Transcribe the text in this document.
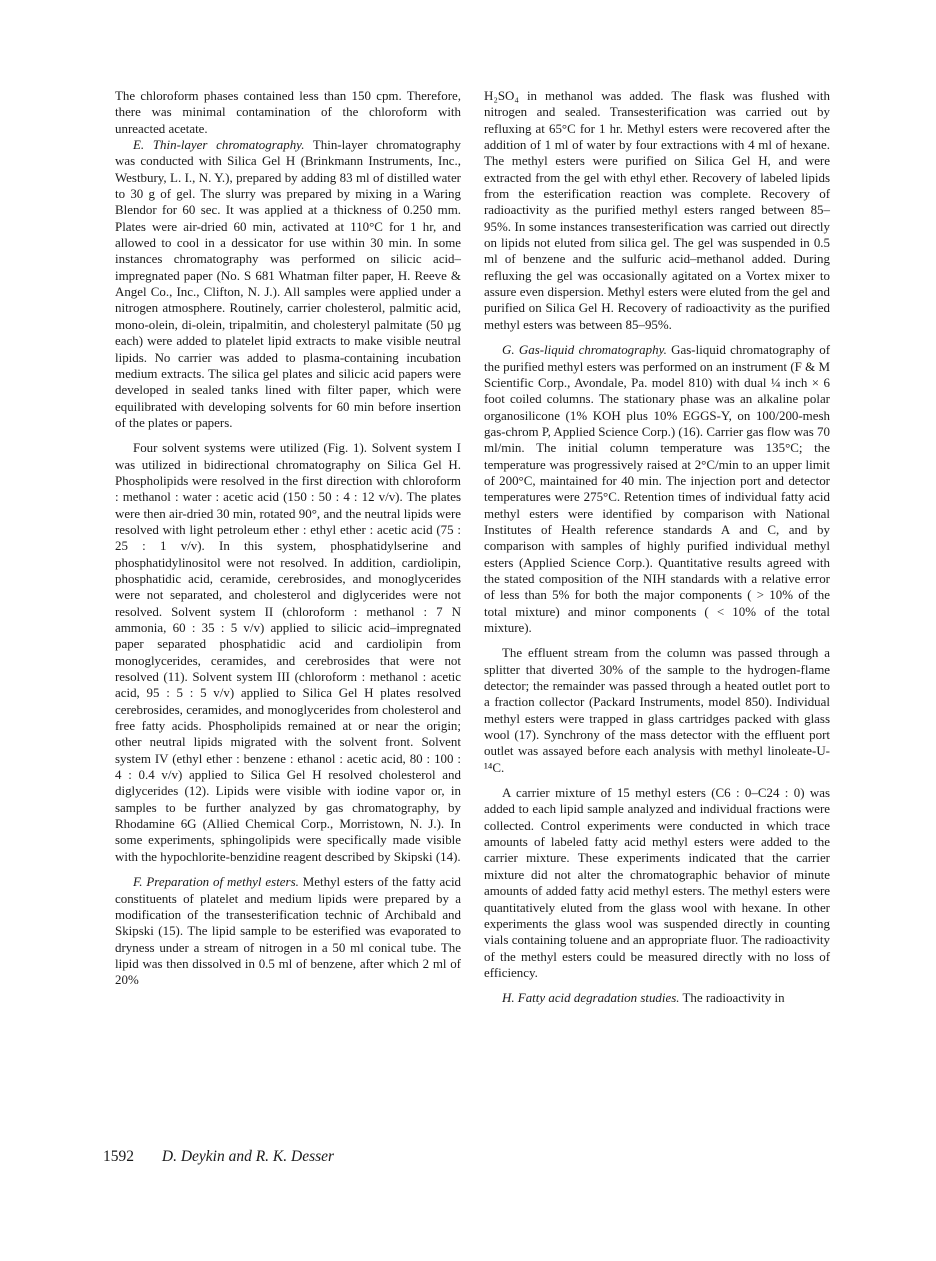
The chloroform phases contained less than 150 cpm. Therefore, there was minimal contamination of the chloroform with unreacted acetate.

E. Thin-layer chromatography. Thin-layer chromatography was conducted with Silica Gel H (Brinkmann Instruments, Inc., Westbury, L. I., N. Y.), prepared by adding 83 ml of distilled water to 30 g of gel. The slurry was prepared by mixing in a Waring Blendor for 60 sec. It was applied at a thickness of 0.250 mm. Plates were air-dried 60 min, activated at 110°C for 1 hr, and allowed to cool in a dessicator for use within 30 min. In some instances chromatography was performed on silicic acid–impregnated paper (No. S 681 Whatman filter paper, H. Reeve & Angel Co., Inc., Clifton, N. J.). All samples were applied under a nitrogen atmosphere. Routinely, carrier cholesterol, palmitic acid, mono-olein, di-olein, tripalmitin, and cholesteryl palmitate (50 µg each) were added to platelet lipid extracts to make visible neutral lipids. No carrier was added to plasma-containing incubation medium extracts. The silica gel plates and silicic acid papers were developed in sealed tanks lined with filter paper, which were equilibrated with developing solvents for 60 min before insertion of the plates or papers.

Four solvent systems were utilized (Fig. 1). Solvent system I was utilized in bidirectional chromatography on Silica Gel H. Phospholipids were resolved in the first direction with chloroform : methanol : water : acetic acid (150 : 50 : 4 : 12 v/v). The plates were then air-dried 30 min, rotated 90°, and the neutral lipids were resolved with light petroleum ether : ethyl ether : acetic acid (75 : 25 : 1 v/v). In this system, phosphatidylserine and phosphatidylinositol were not resolved. In addition, cardiolipin, phosphatidic acid, ceramide, cerebrosides, and monoglycerides were not separated, and cholesterol and diglycerides were not resolved. Solvent system II (chloroform : methanol : 7 N ammonia, 60 : 35 : 5 v/v) applied to silicic acid–impregnated paper separated phosphatidic acid and cardiolipin from monoglycerides, ceramides, and cerebrosides that were not resolved (11). Solvent system III (chloroform : methanol : acetic acid, 95 : 5 : 5 v/v) applied to Silica Gel H plates resolved cerebrosides, ceramides, and monoglycerides from cholesterol and free fatty acids. Phospholipids remained at or near the origin; other neutral lipids migrated with the solvent front. Solvent system IV (ethyl ether : benzene : ethanol : acetic acid, 80 : 100 : 4 : 0.4 v/v) applied to Silica Gel H resolved cholesterol and diglycerides (12). Lipids were visible with iodine vapor or, in samples to be further analyzed by gas chromatography, by Rhodamine 6G (Allied Chemical Corp., Morristown, N. J.). In some experiments, sphingolipids were specifically made visible with the hypochlorite-benzidine reagent described by Skipski (14).

F. Preparation of methyl esters. Methyl esters of the fatty acid constituents of platelet and medium lipids were prepared by a modification of the transesterification technic of Archibald and Skipski (15). The lipid sample to be esterified was evaporated to dryness under a stream of nitrogen in a 50 ml conical tube. The lipid was then dissolved in 0.5 ml of benzene, after which 2 ml of 20%

H₂SO₄ in methanol was added. The flask was flushed with nitrogen and sealed. Transesterification was carried out by refluxing at 65°C for 1 hr. Methyl esters were recovered after the addition of 1 ml of water by four extractions with 4 ml of hexane. The methyl esters were purified on Silica Gel H, and were extracted from the gel with ethyl ether. Recovery of labeled lipids from the esterification reaction was complete. Recovery of radioactivity as the purified methyl esters ranged between 85–95%. In some instances transesterification was carried out directly on lipids not eluted from silica gel. The gel was suspended in 0.5 ml of benzene and the sulfuric acid–methanol added. During refluxing the gel was occasionally agitated on a Vortex mixer to assure even dispersion. Methyl esters were eluted from the gel and purified on Silica Gel H. Recovery of radioactivity as the purified methyl esters was between 85–95%.

G. Gas-liquid chromatography. Gas-liquid chromatography of the purified methyl esters was performed on an instrument (F & M Scientific Corp., Avondale, Pa. model 810) with dual ¼ inch × 6 foot coiled columns. The stationary phase was an alkaline polar organosilicone (1% KOH plus 10% EGGS-Y, on 100/200-mesh gas-chrom P, Applied Science Corp.) (16). Carrier gas flow was 70 ml/min. The initial column temperature was 135°C; the temperature was progressively raised at 2°C/min to an upper limit of 200°C, maintained for 40 min. The injection port and detector temperatures were 275°C. Retention times of individual fatty acid methyl esters were identified by comparison with National Institutes of Health reference standards A and C, and by comparison with samples of highly purified individual methyl esters (Applied Science Corp.). Quantitative results agreed with the stated composition of the NIH standards with a relative error of less than 5% for both the major components ( > 10% of the total mixture) and minor components ( < 10% of the total mixture).

The effluent stream from the column was passed through a splitter that diverted 30% of the sample to the hydrogen-flame detector; the remainder was passed through a heated outlet port to a fraction collector (Packard Instruments, model 850). Individual methyl esters were trapped in glass cartridges packed with glass wool (17). Synchrony of the mass detector with the effluent port outlet was assayed before each analysis with methyl linoleate-U-¹⁴C.

A carrier mixture of 15 methyl esters (C6 : 0–C24 : 0) was added to each lipid sample analyzed and individual fractions were collected. Control experiments were conducted in which trace amounts of labeled fatty acid methyl esters were added to the carrier mixture. These experiments indicated that the carrier mixture did not alter the chromatographic behavior of minute amounts of added fatty acid methyl esters. The methyl esters were quantitatively eluted from the glass wool with hexane. In other experiments the glass wool was suspended directly in counting vials containing toluene and an appropriate fluor. The radioactivity of the methyl esters could be measured directly with no loss of efficiency.

H. Fatty acid degradation studies. The radioactivity in

1592 D. Deykin and R. K. Desser
